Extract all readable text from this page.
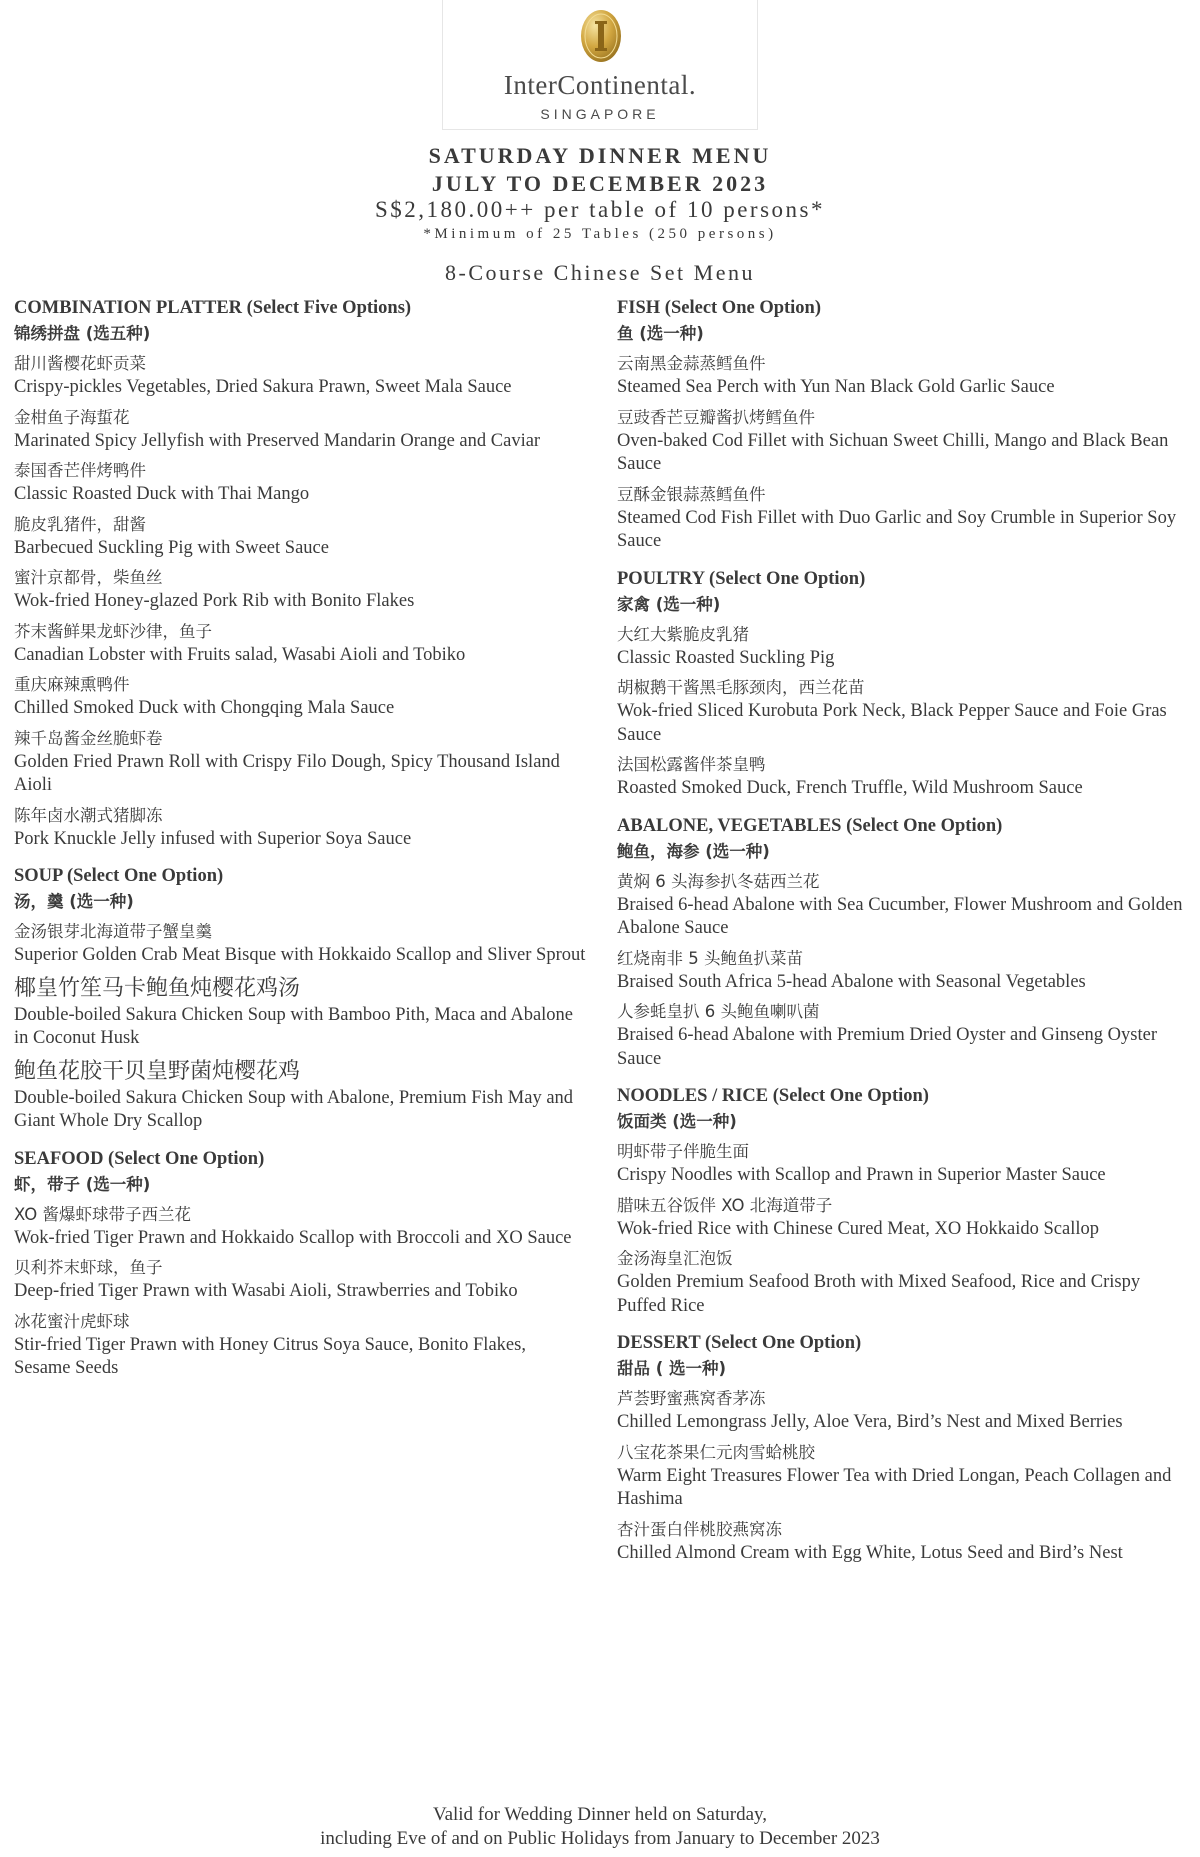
InterContinental.
SINGAPORE
SATURDAY DINNER MENU
JULY TO DECEMBER 2023
S$2,180.00++ per table of 10 persons*
*Minimum of 25 Tables (250 persons)
8-Course Chinese Set Menu
COMBINATION PLATTER (Select Five Options)
锦绣拼盘 (选五种)
甜川酱樱花虾贡菜
Crispy-pickles Vegetables, Dried Sakura Prawn, Sweet Mala Sauce
金柑鱼子海蜇花
Marinated Spicy Jellyfish with Preserved Mandarin Orange and Caviar
泰国香芒伴烤鸭件
Classic Roasted Duck with Thai Mango
脆皮乳猪件，甜酱
Barbecued Suckling Pig with Sweet Sauce
蜜汁京都骨，柴鱼丝
Wok-fried Honey-glazed Pork Rib with Bonito Flakes
芥末酱鲜果龙虾沙律，鱼子
Canadian Lobster with Fruits salad, Wasabi Aioli and Tobiko
重庆麻辣熏鸭件
Chilled Smoked Duck with Chongqing Mala Sauce
辣千岛酱金丝脆虾卷
Golden Fried Prawn Roll with Crispy Filo Dough, Spicy Thousand Island Aioli
陈年卤水潮式猪脚冻
Pork Knuckle Jelly infused with Superior Soya Sauce
SOUP (Select One Option)
汤，羹 (选一种)
金汤银芽北海道带子蟹皇羹
Superior Golden Crab Meat Bisque with Hokkaido Scallop and Sliver Sprout
椰皇竹笙马卡鲍鱼炖樱花鸡汤
Double-boiled Sakura Chicken Soup with Bamboo Pith, Maca and Abalone in Coconut Husk
鲍鱼花胶干贝皇野菌炖樱花鸡
Double-boiled Sakura Chicken Soup with Abalone, Premium Fish May and Giant Whole Dry Scallop
SEAFOOD (Select One Option)
虾，带子 (选一种)
XO 酱爆虾球带子西兰花
Wok-fried Tiger Prawn and Hokkaido Scallop with Broccoli and XO Sauce
贝利芥末虾球，鱼子
Deep-fried Tiger Prawn with Wasabi Aioli, Strawberries and Tobiko
冰花蜜汁虎虾球
Stir-fried Tiger Prawn with Honey Citrus Soya Sauce, Bonito Flakes, Sesame Seeds
FISH (Select One Option)
鱼 (选一种)
云南黑金蒜蒸鳕鱼件
Steamed Sea Perch with Yun Nan Black Gold Garlic Sauce
豆豉香芒豆瓣酱扒烤鳕鱼件
Oven-baked Cod Fillet with Sichuan Sweet Chilli, Mango and Black Bean Sauce
豆酥金银蒜蒸鳕鱼件
Steamed Cod Fish Fillet with Duo Garlic and Soy Crumble in Superior Soy Sauce
POULTRY (Select One Option)
家禽 (选一种)
大红大紫脆皮乳猪
Classic Roasted Suckling Pig
胡椒鹅干酱黑毛豚颈肉，西兰花苗
Wok-fried Sliced Kurobuta Pork Neck, Black Pepper Sauce and Foie Gras Sauce
法国松露酱伴茶皇鸭
Roasted Smoked Duck, French Truffle, Wild Mushroom Sauce
ABALONE, VEGETABLES (Select One Option)
鲍鱼，海参 (选一种)
黄焖 6 头海参扒冬菇西兰花
Braised 6-head Abalone with Sea Cucumber, Flower Mushroom and Golden Abalone Sauce
红烧南非 5 头鲍鱼扒菜苗
Braised South Africa 5-head Abalone with Seasonal Vegetables
人参蚝皇扒 6 头鲍鱼喇叭菌
Braised 6-head Abalone with Premium Dried Oyster and Ginseng Oyster Sauce
NOODLES / RICE (Select One Option)
饭面类 (选一种)
明虾带子伴脆生面
Crispy Noodles with Scallop and Prawn in Superior Master Sauce
腊味五谷饭伴 XO 北海道带子
Wok-fried Rice with Chinese Cured Meat, XO Hokkaido Scallop
金汤海皇汇泡饭
Golden Premium Seafood Broth with Mixed Seafood, Rice and Crispy Puffed Rice
DESSERT (Select One Option)
甜品 ( 选一种)
芦荟野蜜燕窝香茅冻
Chilled Lemongrass Jelly, Aloe Vera, Bird’s Nest and Mixed Berries
八宝花茶果仁元肉雪蛤桃胶
Warm Eight Treasures Flower Tea with Dried Longan, Peach Collagen and Hashima
杏汁蛋白伴桃胶燕窝冻
Chilled Almond Cream with Egg White, Lotus Seed and Bird’s Nest
Valid for Wedding Dinner held on Saturday,
including Eve of and on Public Holidays from January to December 2023
